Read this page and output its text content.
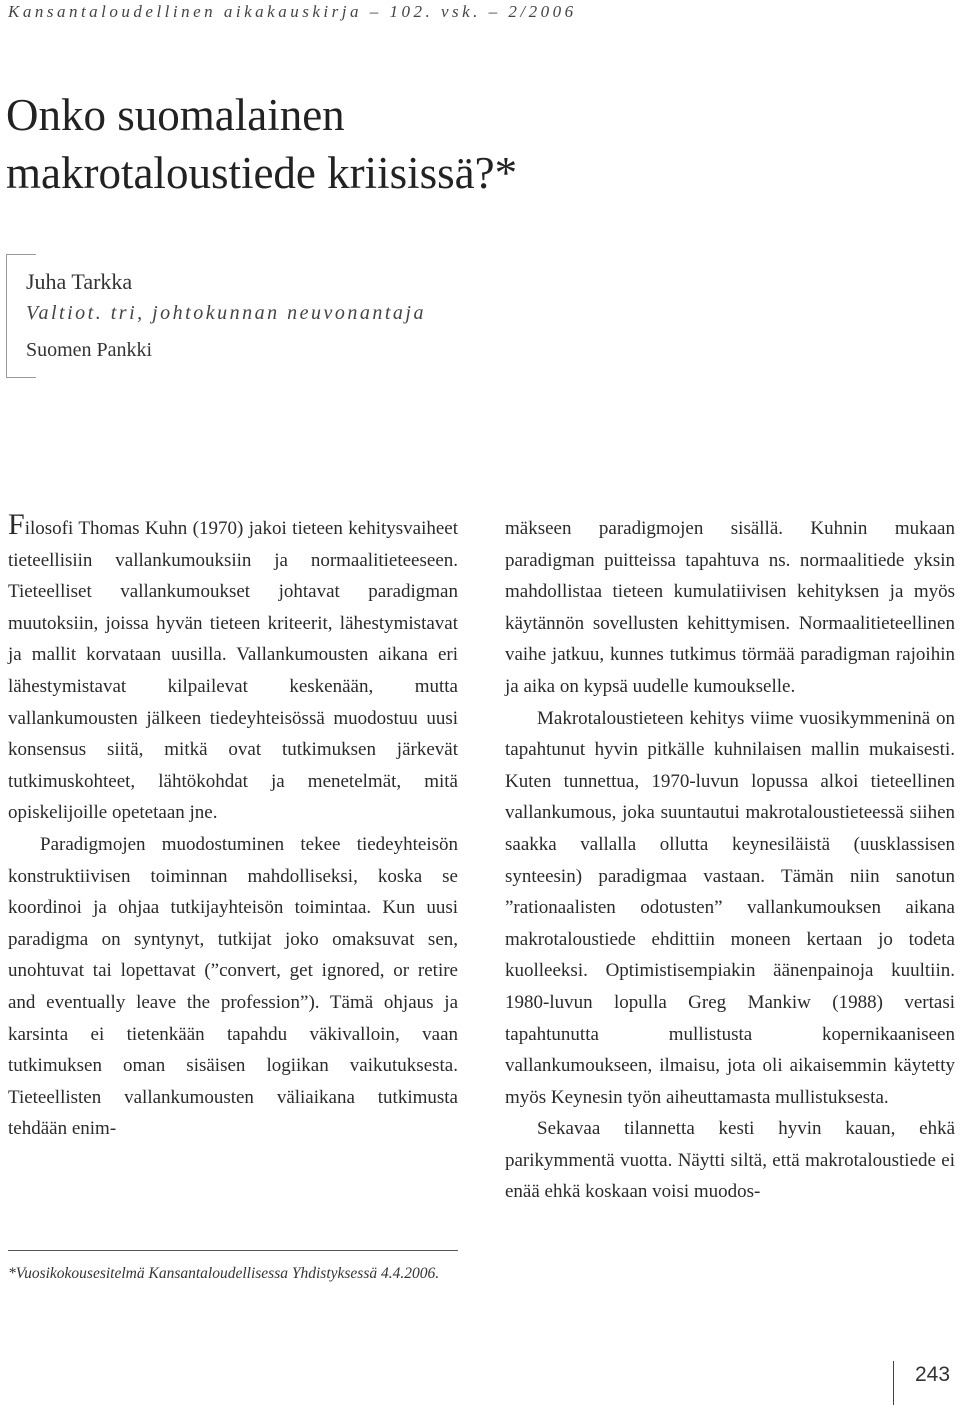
Kansantaloudellinen aikakauskirja – 102. vsk. – 2/2006
Onko suomalainen
makrotaloustiede kriisissä?*
Juha Tarkka
Valtiot. tri, johtokunnan neuvonantaja
Suomen Pankki

Filosofi Thomas Kuhn (1970) jakoi tieteen kehitysvaiheet tieteellisiin vallankumouksiin ja normaalitieteeseen. Tieteelliset vallankumoukset johtavat paradigman muutoksiin, joissa hyvän tieteen kriteerit, lähestymistavat ja mallit korvataan uusilla. Vallankumousten aikana eri lähestymistavat kilpailevat keskenään, mutta vallankumousten jälkeen tiedeyhteisössä muodostuu uusi konsensus siitä, mitkä ovat tutkimuksen järkevät tutkimuskohteet, lähtökohdat ja menetelmät, mitä opiskelijoille opetetaan jne.

Paradigmojen muodostuminen tekee tiedeyhteisön konstruktiivisen toiminnan mahdolliseksi, koska se koordinoi ja ohjaa tutkijayhteisön toimintaa. Kun uusi paradigma on syntynyt, tutkijat joko omaksuvat sen, unohtuvat tai lopettavat (”convert, get ignored, or retire and eventually leave the profession”). Tämä ohjaus ja karsinta ei tietenkään tapahdu väkivalloin, vaan tutkimuksen oman sisäisen logiikan vaikutuksesta. Tieteellisten vallankumousten väliaikana tutkimusta tehdään enim-

mäkseen paradigmojen sisällä. Kuhnin mukaan paradigman puitteissa tapahtuva ns. normaalitiede yksin mahdollistaa tieteen kumulatiivisen kehityksen ja myös käytännön sovellusten kehittymisen. Normaalitieteellinen vaihe jatkuu, kunnes tutkimus törmää paradigman rajoihin ja aika on kypsä uudelle kumoukselle.

Makrotaloustieteen kehitys viime vuosikymmeninä on tapahtunut hyvin pitkälle kuhnilaisen mallin mukaisesti. Kuten tunnettua, 1970-luvun lopussa alkoi tieteellinen vallankumous, joka suuntautui makrotaloustieteessä siihen saakka vallalla ollutta keynesiläistä (uusklassisen synteesin) paradigmaa vastaan. Tämän niin sanotun ”rationaalisten odotusten” vallankumouksen aikana makrotaloustiede ehdittiin moneen kertaan jo todeta kuolleeksi. Optimistisempiakin äänenpainoja kuultiin. 1980-luvun lopulla Greg Mankiw (1988) vertasi tapahtunutta mullistusta kopernikaaniseen vallankumoukseen, ilmaisu, jota oli aikaisemmin käytetty myös Keynesin työn aiheuttamasta mullistuksesta.

Sekavaa tilannetta kesti hyvin kauan, ehkä parikymmentä vuotta. Näytti siltä, että makrotaloustiede ei enää ehkä koskaan voisi muodos-

*Vuosikokousesitelmä Kansantaloudellisessa Yhdistyksessä 4.4.2006.
243
